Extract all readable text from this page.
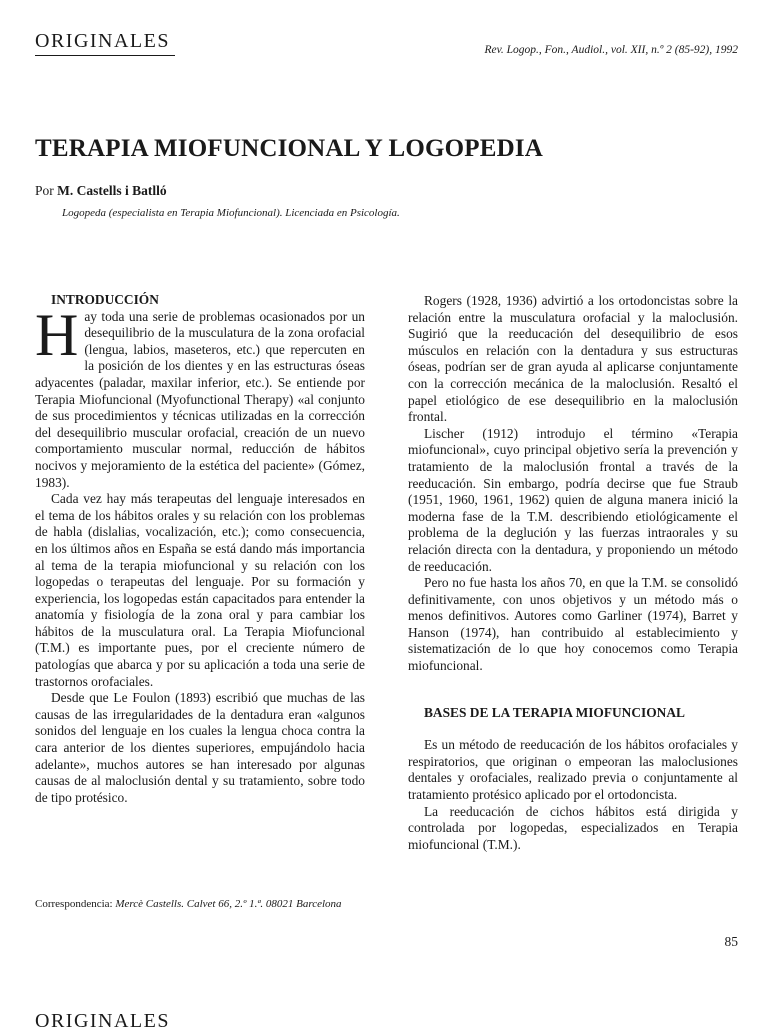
ORIGINALES	Rev. Logop., Fon., Audiol., vol. XII, n.º 2 (85-92), 1992
TERAPIA MIOFUNCIONAL Y LOGOPEDIA
Por M. Castells i Batlló
Logopeda (especialista en Terapia Miofuncional). Licenciada en Psicología.

INTRODUCCIÓN

Hay toda una serie de problemas ocasionados por un desequilibrio de la musculatura de la zona orofacial (lengua, labios, maseteros, etc.) que repercuten en la posición de los dientes y en las estructuras óseas adyacentes (paladar, maxilar inferior, etc.). Se entiende por Terapia Miofuncional (Myofunctional Therapy) «al conjunto de sus procedimientos y técnicas utilizadas en la corrección del desequilibrio muscular orofacial, creación de un nuevo comportamiento muscular normal, reducción de hábitos nocivos y mejoramiento de la estética del paciente» (Gómez, 1983).

Cada vez hay más terapeutas del lenguaje interesados en el tema de los hábitos orales y su relación con los problemas de habla (dislalias, vocalización, etc.); como consecuencia, en los últimos años en España se está dando más importancia al tema de la terapia miofuncional y su relación con los logopedas o terapeutas del lenguaje. Por su formación y experiencia, los logopedas están capacitados para entender la anatomía y fisiología de la zona oral y para cambiar los hábitos de la musculatura oral. La Terapia Miofuncional (T.M.) es importante pues, por el creciente número de patologías que abarca y por su aplicación a toda una serie de trastornos orofaciales.

Desde que Le Foulon (1893) escribió que muchas de las causas de las irregularidades de la dentadura eran «algunos sonidos del lenguaje en los cuales la lengua choca contra la cara anterior de los dientes superiores, empujándolo hacia adelante», muchos autores se han interesado por algunas causas de al maloclusión dental y su tratamiento, sobre todo de tipo protésico.

Rogers (1928, 1936) advirtió a los ortodoncistas sobre la relación entre la musculatura orofacial y la maloclusión. Sugirió que la reeducación del desequilibrio de esos músculos en relación con la dentadura y sus estructuras óseas, podrían ser de gran ayuda al aplicarse conjuntamente con la corrección mecánica de la maloclusión. Resaltó el papel etiológico de ese desequilibrio en la maloclusión frontal.

Lischer (1912) introdujo el término «Terapia miofuncional», cuyo principal objetivo sería la prevención y tratamiento de la maloclusión frontal a través de la reeducación. Sin embargo, podría decirse que fue Straub (1951, 1960, 1961, 1962) quien de alguna manera inició la moderna fase de la T.M. describiendo etiológicamente el problema de la deglución y las fuerzas intraorales y su relación directa con la dentadura, y proponiendo un método de reeducación.

Pero no fue hasta los años 70, en que la T.M. se consolidó definitivamente, con unos objetivos y un método más o menos definitivos. Autores como Garliner (1974), Barret y Hanson (1974), han contribuido al establecimiento y sistematización de lo que hoy conocemos como Terapia miofuncional.

BASES DE LA TERAPIA MIOFUNCIONAL

Es un método de reeducación de los hábitos orofaciales y respiratorios, que originan o empeoran las maloclusiones dentales y orofaciales, realizado previa o conjuntamente al tratamiento protésico aplicado por el ortodoncista.

La reeducación de cichos hábitos está dirigida y controlada por logopedas, especializados en Terapia miofuncional (T.M.).

Correspondencia: Mercè Castells. Calvet 66, 2.º 1.ª. 08021 Barcelona
85
ORIGINALES
